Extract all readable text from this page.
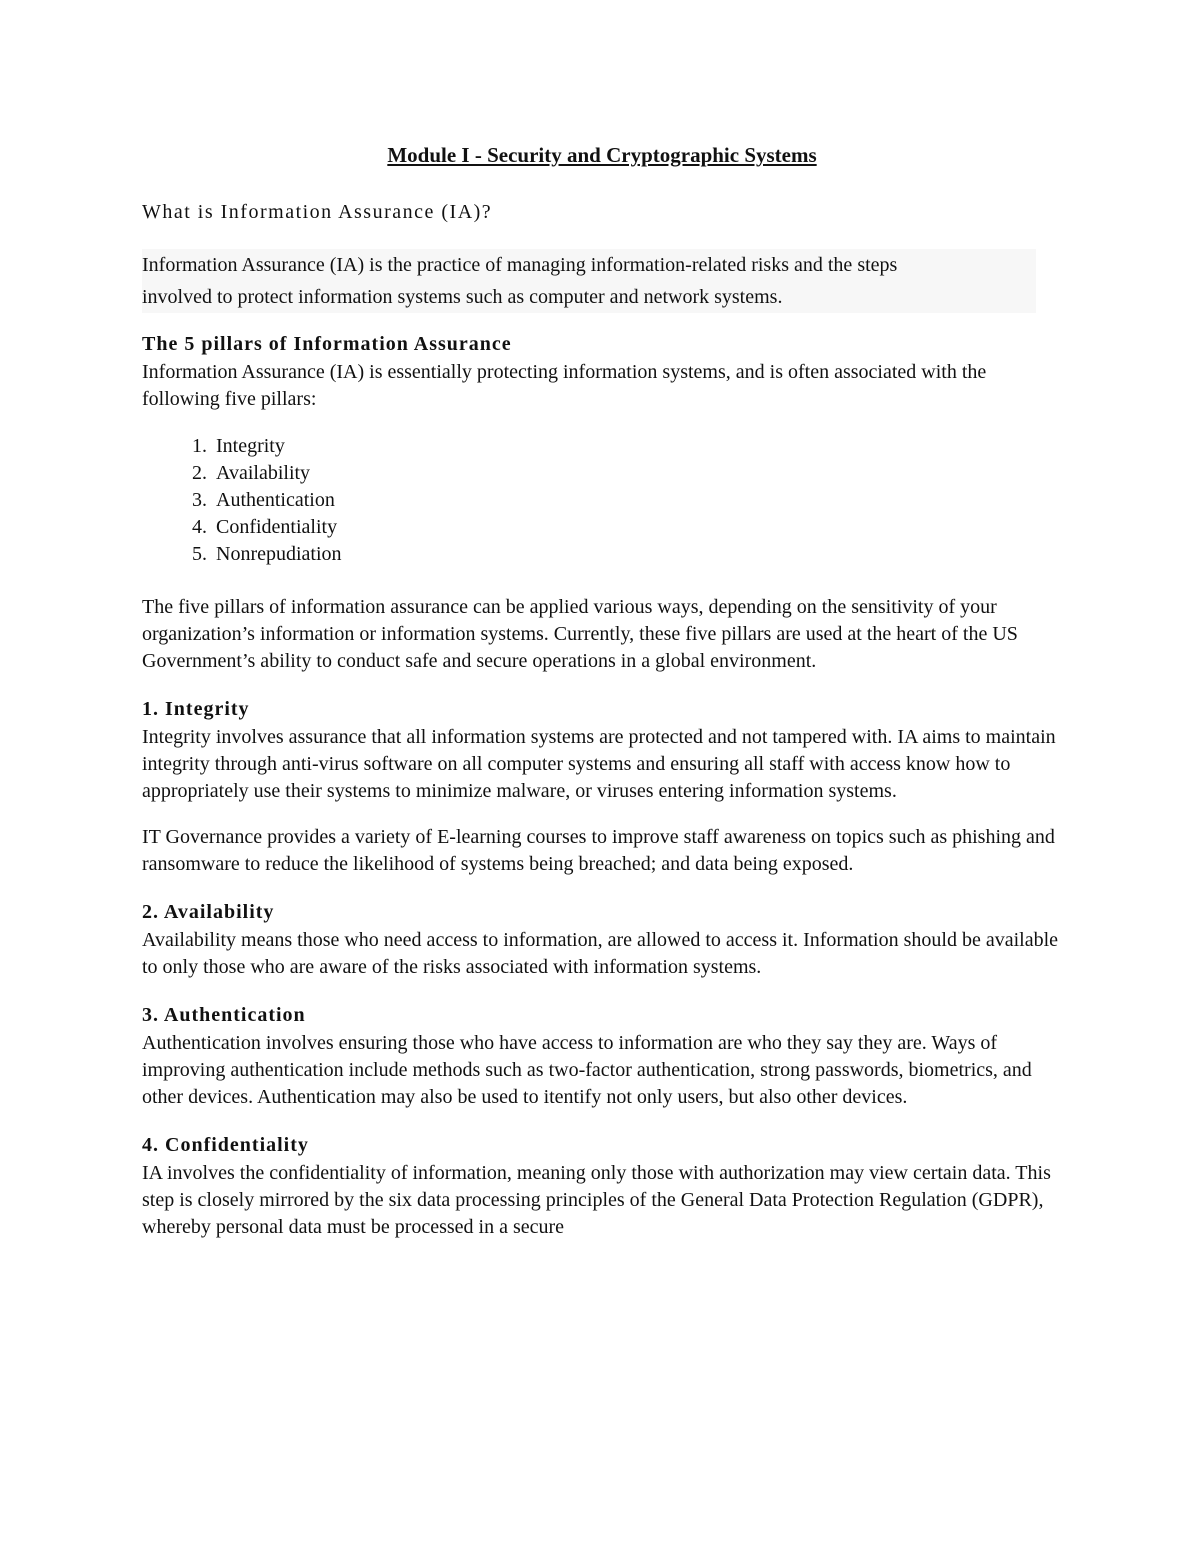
Module I - Security and Cryptographic Systems
What is Information Assurance (IA)?
Information Assurance (IA) is the practice of managing information-related risks and the steps
involved to protect information systems such as computer and network systems.
The 5 pillars of Information Assurance

Information Assurance (IA) is essentially protecting information systems, and is often associated with the following five pillars:

1. Integrity
2. Availability
3. Authentication
4. Confidentiality
5. Nonrepudiation

The five pillars of information assurance can be applied various ways, depending on the sensitivity of your organization’s information or information systems. Currently, these five pillars are used at the heart of the US Government’s ability to conduct safe and secure operations in a global environment.

1. Integrity

Integrity involves assurance that all information systems are protected and not tampered with. IA aims to maintain integrity through anti-virus software on all computer systems and ensuring all staff with access know how to appropriately use their systems to minimize malware, or viruses entering information systems.

IT Governance provides a variety of E-learning courses to improve staff awareness on topics such as phishing and ransomware to reduce the likelihood of systems being breached; and data being exposed.

2. Availability

Availability means those who need access to information, are allowed to access it. Information should be available to only those who are aware of the risks associated with information systems.

3. Authentication

Authentication involves ensuring those who have access to information are who they say they are. Ways of improving authentication include methods such as two-factor authentication, strong passwords, biometrics, and other devices. Authentication may also be used to itentify not only users, but also other devices.

4. Confidentiality

IA involves the confidentiality of information, meaning only those with authorization may view certain data. This step is closely mirrored by the six data processing principles of the General Data Protection Regulation (GDPR), whereby personal data must be processed in a secure
